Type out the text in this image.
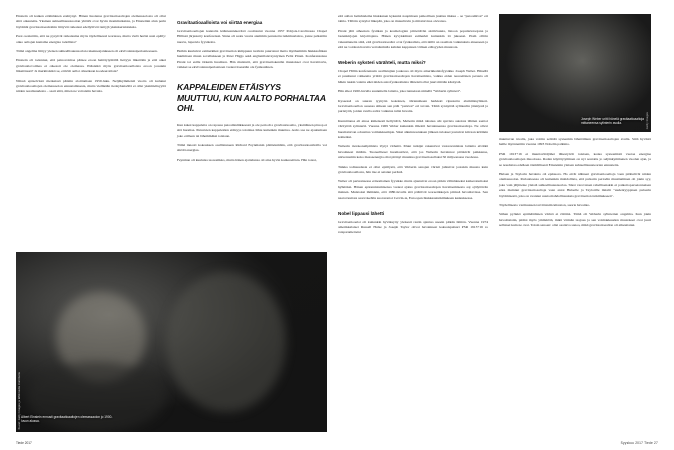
Einstein oli kaiken eräänlainen erehtynyt. Hänen huolensa gravitaatioaaltojen olemassaolosta oli ollut siitä oikeutettu. Yksinen suhteellisuusteorian yhtälöt ovat hyvin monimutkaisia, ja Einsteinin alun perin löytämät gravitaatioaaltoihin liittyvät ratkaisut edellyttivät tiettyjä yksinkertaistuksia.

Puoi osoitettiin, että ne pysyivät ratkaisuina myös täydellisessä teoriassa, mutta vielä heräsi uusi epäily: onko aaltojen kantama energiaa todellista?

Tämä ongelma liittyy yleisen suhteellisuusteorian rakenneajatukseen oli ekvivalenssiperiaatteeseen.

Einstein oli todennut, että painovoimaa pääsee eroon heittäytymällä liettyyn liikettään ja että oikei gravitaatiovoimaa ei oikeasti ole olemassa. Pääsisikö myös gravitaatioaalloista eroon jossakin liikettäassä? Ja merkitsisikö se, ettiviät aallot olleetkaan koodeerottisia?

Näissä epäselvissä merkeissä pääsiin aloittamaan 1950-luku. Neljäkymmentä vuotta oli kulunut gravitaatioaaltojen olemassaolon ennustamisesta, mutta vieläkään tiedeyhteisöllä ei ollut yksimielisyyttä niiden reaalisuudesta – saati siitä, miten ne voitaisiin havaita.

Gravitaatioaalloista voi siirtää energiaa

Gravitaatioaaltojen kannalta käänteentekevästi osoittautui vuonna 1957 Pohjois-Carolinassa Chapel Hillissä järjestetty konferenssi. Sinne oli saatu vuotta aiemmin perustettu tutkimuslaitos, jonne palkattiin nuoria, lupaavia fyysikoita.

Heihin kuuluivat esimerkiksi gravitaation kimppuun tuolloin puurtanut matta myöhemmin hiukkasfiikan huulimaan muun sovellukseen ja Peter Higgs sekä englantilaisvsyntyinen Felix Pirani. Konferenssissa Pirani toi esille tärkeän huomion. Hän muistutti, että gravitaatiokentän muutokset ovat havaittavia, vaikkei se ekvivalenssiperiaatteen vuoksi itsessään ole fysikaalinen.

KAPPALEIDEN ETÄISYYS MUUTTUU, KUN AALTO PORHALTAA OHI.

Kun kaksi kappaletta on rapassa putoamisliikkeessä ja ole periodi a gravitaatioaalto, yksittäinen pituop ei sitä huomaa. Putuavien kappaleiden etäisyys toisiinsa lähte kuitenkin muuttua. Aalto saa ne ajautumaan joko erilleen tai lähemmäksi toisiaan.

Tämä innosti kokouksen osallistuneen Richard Feynmanin päättelemään, että gravitaatioaalloilla voi siirtää energiaa.

Feynman oli kuuluisa teoreetikko, mutta hänen ajattelunsa oli aina hyvin konkreettista. Hän totesi,

että aallon heilahtelema hiukkanen kykenisi naapimaan paikoillaan juuttuu tikkua – se "putoamivat" eri tahtia. Tällöin syntyisi liikepää, joka on muualtavin ja mitattavissa olevansa.

Pirani jätti aiheensta fysiikan ja kosmologian piirtettävän aktiivisuuta, listoon populariotsojana ja lastenkirjojen kirjoittajana. Hänen kyvykkäinsä esimerkit kuitenkin iti jukaessi. Piam ollitin vakuuttuneita siitä, että gravitaatioaallot ovat fysikaalisia, että niillä on reaalisia vaikutuksia aineeseen ja että ne voidaan havaita vertailemalla kahden kappaleen välisen etäisyyden muutosta.

Weberin syksteri värähteli, mutta miksi?

Chapel Hillin konferenssin osallistujien joukossa oli myös amerikkalaisfyysikko Joseph Weber. Hänellä ei puuttunut rohkeutta yrittää gravitaatioaaltojen havaitsemista, vaikka eiden teoreettinen perusta oli häkin tuskin valettu eikä niiden astrofysikaalisista lähteistä ollut juuri mitään käsitystä.

Hän alkoi 1960-luvulla suunnitella laitetta, joka tunnetaan nimellä "Weberin sylinteri".

Kyseessä on suuren tyynyön kokoinen, ääriensikaan harkkati ripustettu alumiinisylinteri. Gravitaatioaallon osuessa siiheen sen pääi "putuvat" eri tavoin. Tämä synnyttää sylinteriin jänniystä ja puristyttä, joiden avulla aallot vaikutus tulisi havaita.

Kunnittansa eli ainoa kimeisesti hellyttävä, Meberin mikä tahansa ohi ajavista autoista lähtien saattoi värityttää sylinteriä. Vuonna 1969 Weber kuitenkin ilmoitti havainneensa gravitaatioaaltoja. Ne olivat huomattavan odotettua voimakkaampia. Siksi alkuinnostuksen jälkeen tulokset joutuivat kiivaan kritiikin kohteiksi.

Weberin rietokoneilpimista löytyi virheitä. Muut tutkijat rakensivat vastaavanlaisia laitteita eivätkä havainneet mitään. Tuoreellteset huomautivat, että jos Weberin havainnot pitäisivät paikkansa, universumin koko massaenergia olisi pitänyt muuntua gravitaatioaalloksi 50 miljoonassa vuodessa.

Taikka todisuudesta ei ollut epäilystä, että Weberin sanojen värisit johtuivat jostakin muusta kuin gravitaatioaallosta, hän itse ei aatanut perästä.

Weber oli periaatteessa erinomainen fyysikko mutta ajautuivat eroon pitkin välinlaineksi katkerotumoksi hylkiöksi. Hänen epäonnistumisensa vuoksi ajatus gravitaatioaaltojen havaitsemisesta aaj ojälyttävän mainen. Muistoksi ihmiskin, että 1980-luvulla sitä päättivät teoreetikkojen piirissä havaittavissa. Sen naatoi kuitata saarvokehlla suoratontoi Cervin-ia, Euroopan hiukkasututkimuksen keskuksessa.

Nobel lippausi lähetti

Gravitaatioaalot oli kuitenkin hyväksytty yleisesti rastin ajantuo useein pitkän ilmiön. Vuonna 1974 amerikkalaiset Russell Hulse ja Joseph Taylor olivat havainneet kaksoispulsari PSR 1913+16 ro rataparametreist

Joseph Weber uritti hänelä gravitaatioaaltoja mittaneensa sylinterin avulla.	Getty Images

muuttuvan tavalla, joka voitiin selittää systeemin lähettämien gravitaatioaaltojen avulla. Siitä hyvästä heille myönnettiin vuonna 1993 Nobelin palkinto.

PSR 1913+16 ei muuttavittäjähet lähestyivät toisiaan, koska systeemistä vuotaa energiaa gravitaatioaaltojen muodossa. Radan käyttäytyminen on nyt seurattu jo seljänkymmenen vuoden ajan, ja se noudattaa edelleen täsmällisesti Einsteinin yleisen suhteellisuusteorian ennusteita.

Hulsen ja Taylorin havainto oli epäsuora. Ho eivät nähneet gravitaatioaaltoja vaan päättelivät niiden olemassaolon. Periaatteessa oli kuitenkin mahdollista, että pulsarin periodin muuttuminen oli jokin syy, joka vain jäljittelee yleistä suhteellisuusteoriaa. Siksi varovaisen rehellisenakin ei paikoitopersetonneisen edes mainnut gravitaatioaaltoja vaan antoi Hulselle ja Taylorille mitalit "uudentyyppisen pulsarin löytämisestä, joka on avannut uusia mahdollisuuksia gravitaation tutkimukseen".

Täydellisesto varmuuteen tarvittaisiin kiistaton, suoria havainto.

Siihen pyökkö epämääräinen värinä ei riittäisi. Tämä oli Weberin sylinterien ongelma. Kun jokin havaittaisiin, pitäisi myös ymmärtää, mikä värinän taajous ja sen voimakkuuden muutokset ovat juuri sellaiset kuin ne ovat. Toisin sanoen: olisi osattava sanoa, mikä gravitaatioaallon oli aiheuttanut.

Albert Einstein ennusti gravitaatioaaltojen olemassaolon jo 1900-luvun alussa.
Kuvat: Getty Images ja Wikimedia Commons
Tiede 2017	Syyskuu 2017 Tiede 27
